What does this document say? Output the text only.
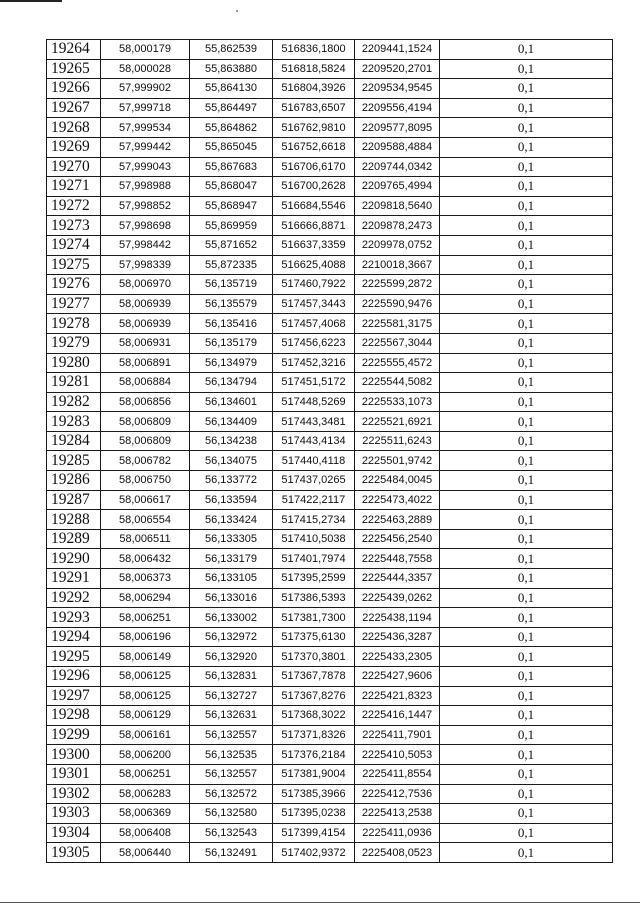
19264	58,000179	55,862539	516836,1800	2209441,1524	0,1
19265	58,000028	55,863880	516818,5824	2209520,2701	0,1
19266	57,999902	55,864130	516804,3926	2209534,9545	0,1
19267	57,999718	55,864497	516783,6507	2209556,4194	0,1
19268	57,999534	55,864862	516762,9810	2209577,8095	0,1
19269	57,999442	55,865045	516752,6618	2209588,4884	0,1
19270	57,999043	55,867683	516706,6170	2209744,0342	0,1
19271	57,998988	55,868047	516700,2628	2209765,4994	0,1
19272	57,998852	55,868947	516684,5546	2209818,5640	0,1
19273	57,998698	55,869959	516666,8871	2209878,2473	0,1
19274	57,998442	55,871652	516637,3359	2209978,0752	0,1
19275	57,998339	55,872335	516625,4088	2210018,3667	0,1
19276	58,006970	56,135719	517460,7922	2225599,2872	0,1
19277	58,006939	56,135579	517457,3443	2225590,9476	0,1
19278	58,006939	56,135416	517457,4068	2225581,3175	0,1
19279	58,006931	56,135179	517456,6223	2225567,3044	0,1
19280	58,006891	56,134979	517452,3216	2225555,4572	0,1
19281	58,006884	56,134794	517451,5172	2225544,5082	0,1
19282	58,006856	56,134601	517448,5269	2225533,1073	0,1
19283	58,006809	56,134409	517443,3481	2225521,6921	0,1
19284	58,006809	56,134238	517443,4134	2225511,6243	0,1
19285	58,006782	56,134075	517440,4118	2225501,9742	0,1
19286	58,006750	56,133772	517437,0265	2225484,0045	0,1
19287	58,006617	56,133594	517422,2117	2225473,4022	0,1
19288	58,006554	56,133424	517415,2734	2225463,2889	0,1
19289	58,006511	56,133305	517410,5038	2225456,2540	0,1
19290	58,006432	56,133179	517401,7974	2225448,7558	0,1
19291	58,006373	56,133105	517395,2599	2225444,3357	0,1
19292	58,006294	56,133016	517386,5393	2225439,0262	0,1
19293	58,006251	56,133002	517381,7300	2225438,1194	0,1
19294	58,006196	56,132972	517375,6130	2225436,3287	0,1
19295	58,006149	56,132920	517370,3801	2225433,2305	0,1
19296	58,006125	56,132831	517367,7878	2225427,9606	0,1
19297	58,006125	56,132727	517367,8276	2225421,8323	0,1
19298	58,006129	56,132631	517368,3022	2225416,1447	0,1
19299	58,006161	56,132557	517371,8326	2225411,7901	0,1
19300	58,006200	56,132535	517376,2184	2225410,5053	0,1
19301	58,006251	56,132557	517381,9004	2225411,8554	0,1
19302	58,006283	56,132572	517385,3966	2225412,7536	0,1
19303	58,006369	56,132580	517395,0238	2225413,2538	0,1
19304	58,006408	56,132543	517399,4154	2225411,0936	0,1
19305	58,006440	56,132491	517402,9372	2225408,0523	0,1
